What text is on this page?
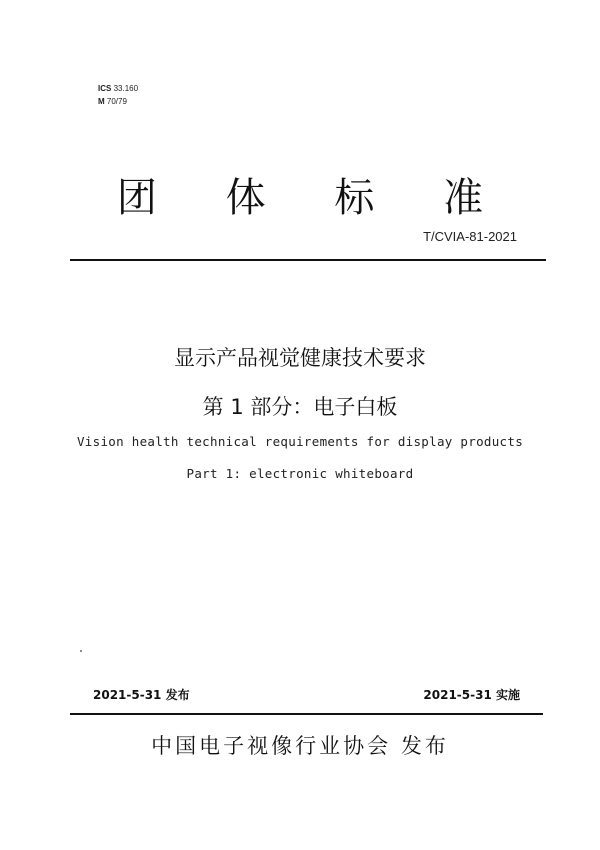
ICS 33.160
M 70/79
团 体 标 准
T/CVIA-81-2021
显示产品视觉健康技术要求
第 1 部分：电子白板
Vision health technical requirements for display products
Part 1: electronic whiteboard
2021-5-31 发布	2021-5-31 实施
中国电子视像行业协会 发布
